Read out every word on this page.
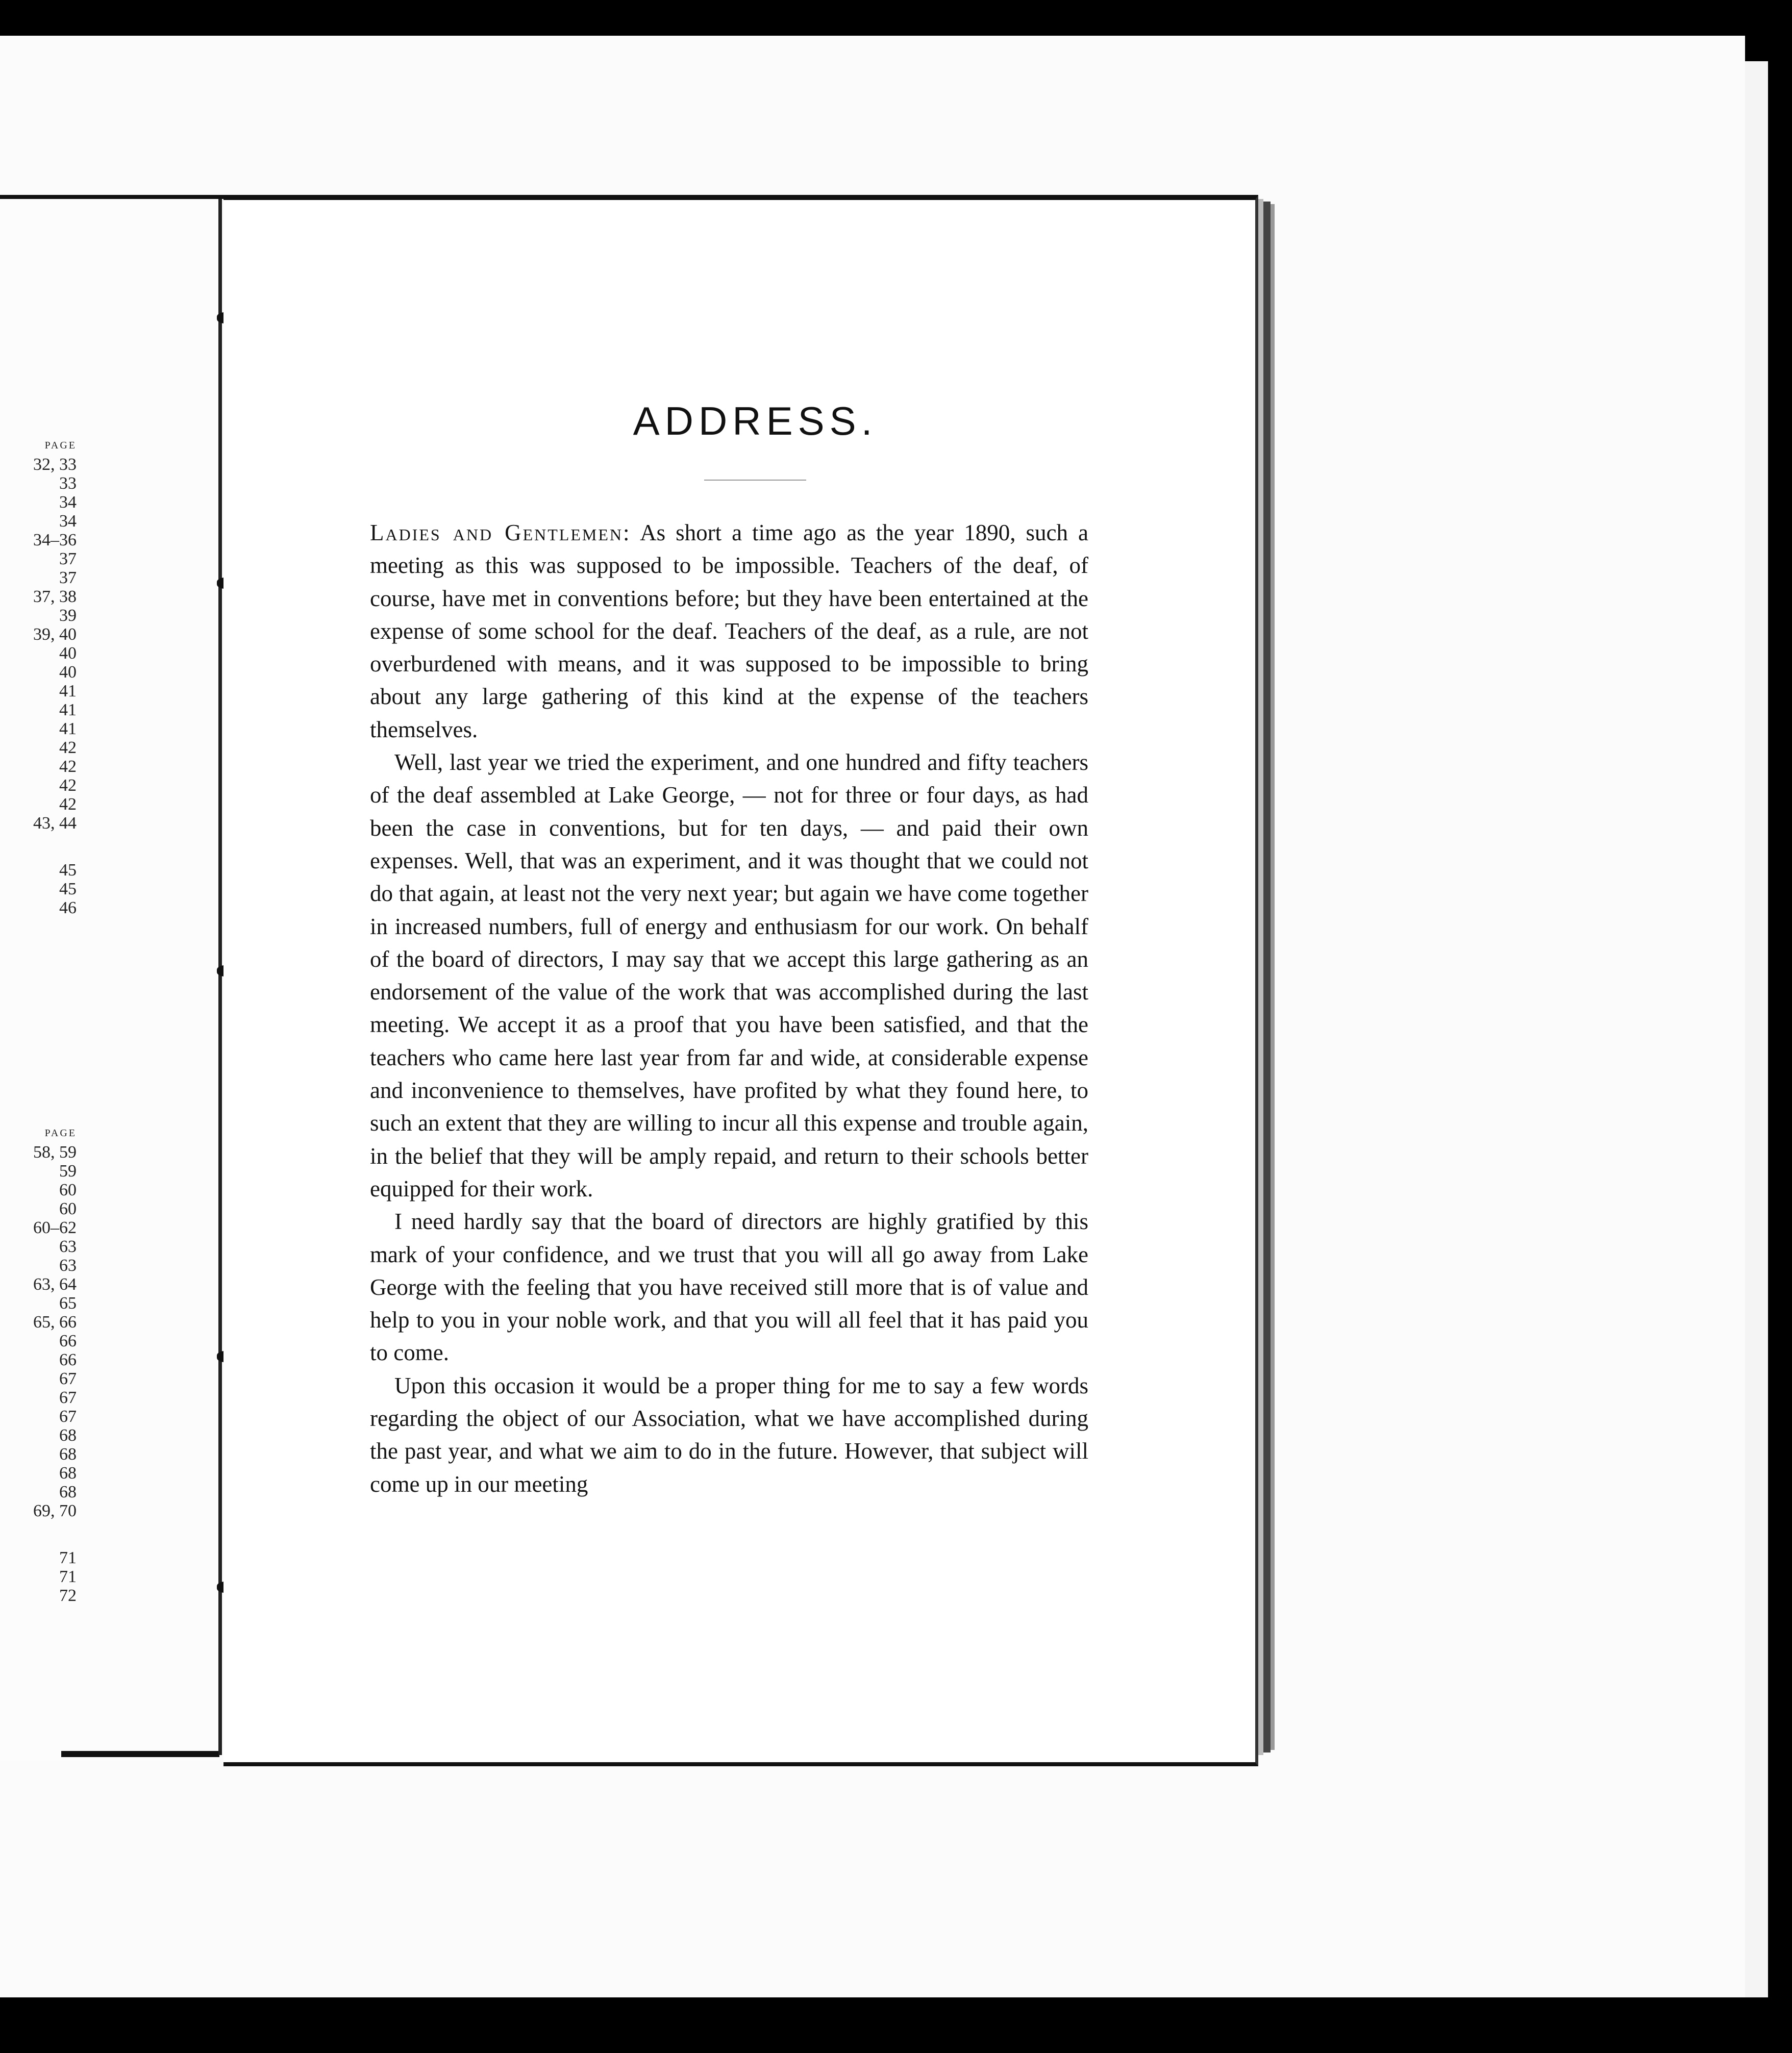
PAGE
32, 33
33
34
34
34–36
37
37
37, 38
39
39, 40
40
40
41
41
41
42
42
42
42
43, 44
45
45
46
PAGE
58, 59
59
60
60
60–62
63
63
63, 64
65
65, 66
66
66
67
67
67
68
68
68
68
69, 70
71
71
72
ADDRESS.

Ladies and Gentlemen: As short a time ago as the year 1890, such a meeting as this was supposed to be impossible. Teachers of the deaf, of course, have met in conventions before; but they have been entertained at the expense of some school for the deaf. Teachers of the deaf, as a rule, are not overburdened with means, and it was supposed to be impossible to bring about any large gathering of this kind at the expense of the teachers themselves.

Well, last year we tried the experiment, and one hundred and fifty teachers of the deaf assembled at Lake George, — not for three or four days, as had been the case in conventions, but for ten days, — and paid their own expenses. Well, that was an experiment, and it was thought that we could not do that again, at least not the very next year; but again we have come together in increased numbers, full of energy and enthusiasm for our work. On behalf of the board of directors, I may say that we accept this large gathering as an endorsement of the value of the work that was accomplished during the last meeting. We accept it as a proof that you have been satisfied, and that the teachers who came here last year from far and wide, at considerable expense and inconvenience to themselves, have profited by what they found here, to such an extent that they are willing to incur all this expense and trouble again, in the belief that they will be amply repaid, and return to their schools better equipped for their work.

I need hardly say that the board of directors are highly gratified by this mark of your confidence, and we trust that you will all go away from Lake George with the feeling that you have received still more that is of value and help to you in your noble work, and that you will all feel that it has paid you to come.

Upon this occasion it would be a proper thing for me to say a few words regarding the object of our Association, what we have accomplished during the past year, and what we aim to do in the future. However, that subject will come up in our meeting
